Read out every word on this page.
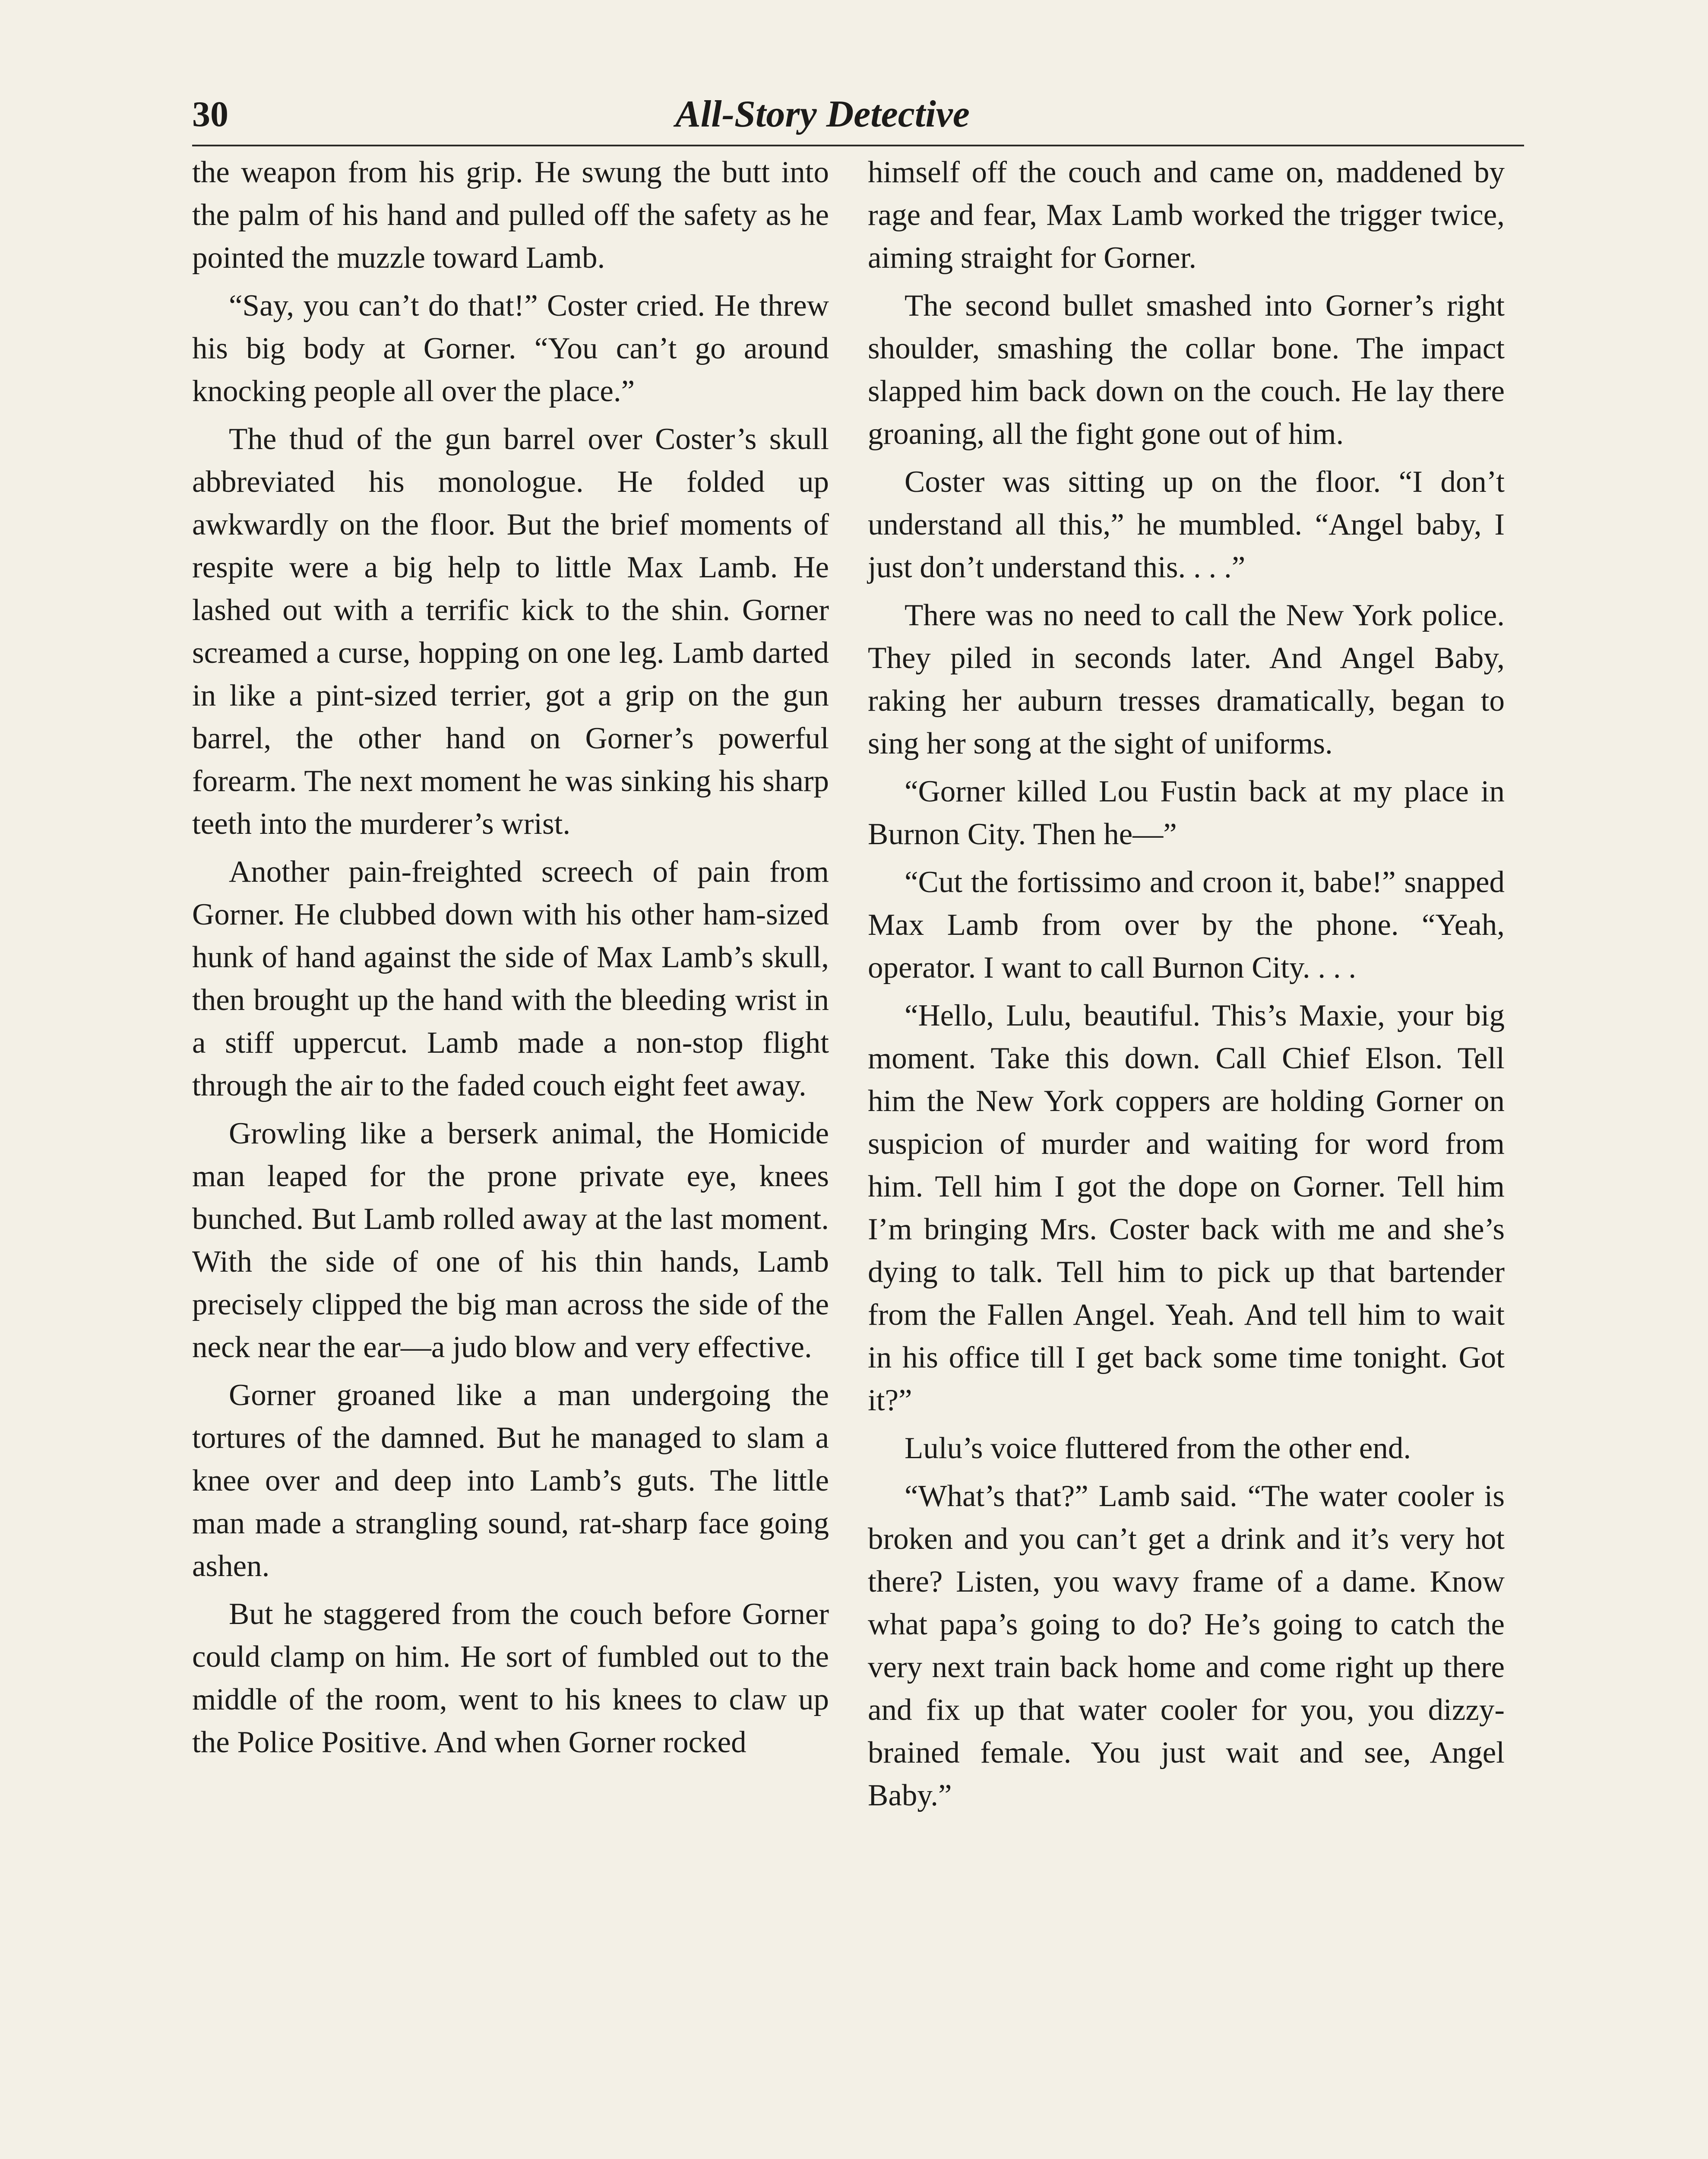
30	All-Story Detective

the weapon from his grip. He swung the butt into the palm of his hand and pulled off the safety as he pointed the muzzle toward Lamb.

“Say, you can’t do that!” Coster cried. He threw his big body at Gorner. “You can’t go around knocking people all over the place.”

The thud of the gun barrel over Coster’s skull abbreviated his monologue. He folded up awkwardly on the floor. But the brief moments of respite were a big help to little Max Lamb. He lashed out with a terrific kick to the shin. Gorner screamed a curse, hopping on one leg. Lamb darted in like a pint-sized terrier, got a grip on the gun barrel, the other hand on Gorner’s powerful forearm. The next moment he was sinking his sharp teeth into the murderer’s wrist.

Another pain-freighted screech of pain from Gorner. He clubbed down with his other ham-sized hunk of hand against the side of Max Lamb’s skull, then brought up the hand with the bleeding wrist in a stiff uppercut. Lamb made a non-stop flight through the air to the faded couch eight feet away.

Growling like a berserk animal, the Homicide man leaped for the prone private eye, knees bunched. But Lamb rolled away at the last moment. With the side of one of his thin hands, Lamb precisely clipped the big man across the side of the neck near the ear—a judo blow and very effective.

Gorner groaned like a man undergoing the tortures of the damned. But he managed to slam a knee over and deep into Lamb’s guts. The little man made a strangling sound, rat-sharp face going ashen.

But he staggered from the couch before Gorner could clamp on him. He sort of fumbled out to the middle of the room, went to his knees to claw up the Police Positive. And when Gorner rocked

himself off the couch and came on, maddened by rage and fear, Max Lamb worked the trigger twice, aiming straight for Gorner.

The second bullet smashed into Gorner’s right shoulder, smashing the collar bone. The impact slapped him back down on the couch. He lay there groaning, all the fight gone out of him.

Coster was sitting up on the floor. “I don’t understand all this,” he mumbled. “Angel baby, I just don’t understand this. . . .”

There was no need to call the New York police. They piled in seconds later. And Angel Baby, raking her auburn tresses dramatically, began to sing her song at the sight of uniforms.

“Gorner killed Lou Fustin back at my place in Burnon City. Then he—”

“Cut the fortissimo and croon it, babe!” snapped Max Lamb from over by the phone. “Yeah, operator. I want to call Burnon City. . . .

“Hello, Lulu, beautiful. This’s Maxie, your big moment. Take this down. Call Chief Elson. Tell him the New York coppers are holding Gorner on suspicion of murder and waiting for word from him. Tell him I got the dope on Gorner. Tell him I’m bringing Mrs. Coster back with me and she’s dying to talk. Tell him to pick up that bartender from the Fallen Angel. Yeah. And tell him to wait in his office till I get back some time tonight. Got it?”

Lulu’s voice fluttered from the other end.

“What’s that?” Lamb said. “The water cooler is broken and you can’t get a drink and it’s very hot there? Listen, you wavy frame of a dame. Know what papa’s going to do? He’s going to catch the very next train back home and come right up there and fix up that water cooler for you, you dizzy-brained female. You just wait and see, Angel Baby.”
